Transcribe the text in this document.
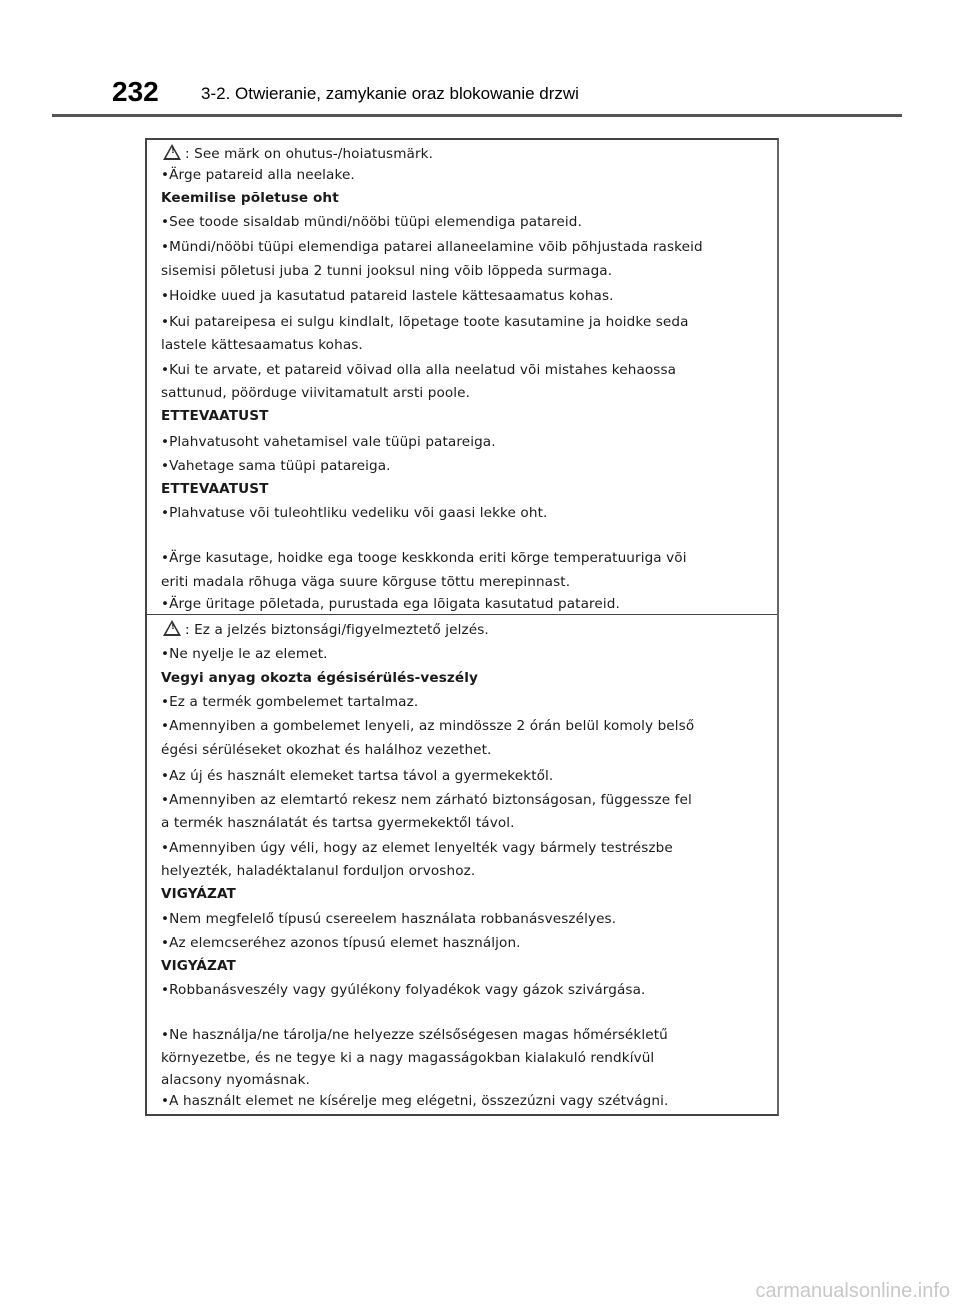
232 3-2. Otwieranie, zamykanie oraz blokowanie drzwi
! : See märk on ohutus-/hoiatusmärk.
•Ärge patareid alla neelake.
Keemilise põletuse oht
•See toode sisaldab mündi/nööbi tüüpi elemendiga patareid.
•Mündi/nööbi tüüpi elemendiga patarei allaneelamine võib põhjustada raskeid
sisemisi põletusi juba 2 tunni jooksul ning võib lõppeda surmaga.
•Hoidke uued ja kasutatud patareid lastele kättesaamatus kohas.
•Kui patareipesa ei sulgu kindlalt, lõpetage toote kasutamine ja hoidke seda
lastele kättesaamatus kohas.
•Kui te arvate, et patareid võivad olla alla neelatud või mistahes kehaossa
sattunud, pöörduge viivitamatult arsti poole.
ETTEVAATUST
•Plahvatusoht vahetamisel vale tüüpi patareiga.
•Vahetage sama tüüpi patareiga.
ETTEVAATUST
•Plahvatuse või tuleohtliku vedeliku või gaasi lekke oht.
•Ärge kasutage, hoidke ega tooge keskkonda eriti kõrge temperatuuriga või
eriti madala rõhuga väga suure kõrguse tõttu merepinnast.
•Ärge üritage põletada, purustada ega lõigata kasutatud patareid.
! : Ez a jelzés biztonsági/figyelmeztető jelzés.
•Ne nyelje le az elemet.
Vegyi anyag okozta égésisérülés-veszély
•Ez a termék gombelemet tartalmaz.
•Amennyiben a gombelemet lenyeli, az mindössze 2 órán belül komoly belső
égési sérüléseket okozhat és halálhoz vezethet.
•Az új és használt elemeket tartsa távol a gyermekektől.
•Amennyiben az elemtartó rekesz nem zárható biztonságosan, függessze fel
a termék használatát és tartsa gyermekektől távol.
•Amennyiben úgy véli, hogy az elemet lenyelték vagy bármely testrészbe
helyezték, haladéktalanul forduljon orvoshoz.
VIGYÁZAT
•Nem megfelelő típusú csereelem használata robbanásveszélyes.
•Az elemcseréhez azonos típusú elemet használjon.
VIGYÁZAT
•Robbanásveszély vagy gyúlékony folyadékok vagy gázok szivárgása.
•Ne használja/ne tárolja/ne helyezze szélsőségesen magas hőmérsékletű
környezetbe, és ne tegye ki a nagy magasságokban kialakuló rendkívül
alacsony nyomásnak.
•A használt elemet ne kísérelje meg elégetni, összezúzni vagy szétvágni.
carmanualsonline.info
